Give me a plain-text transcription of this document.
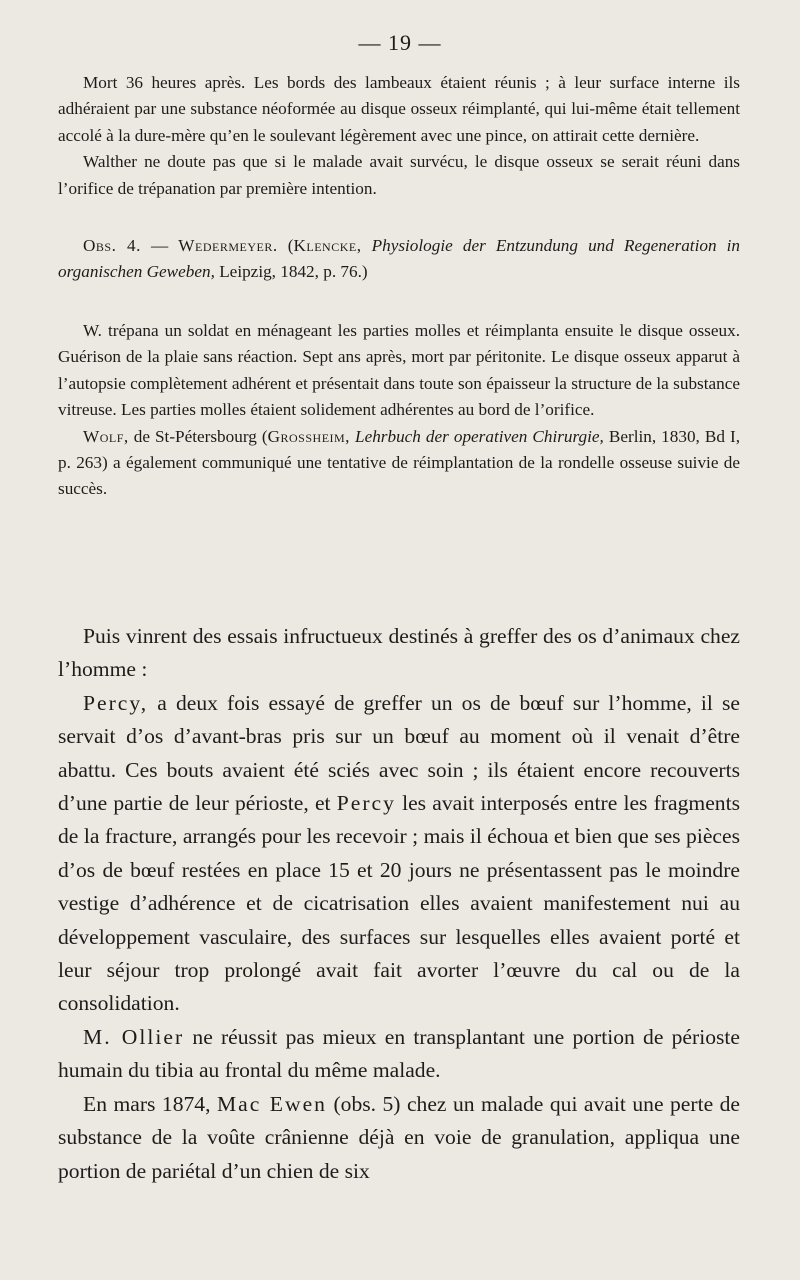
— 19 —

Mort 36 heures après. Les bords des lambeaux étaient réunis ; à leur surface interne ils adhéraient par une substance néoformée au disque osseux réimplanté, qui lui-même était tellement accolé à la dure-mère qu’en le soulevant légèrement avec une pince, on attirait cette dernière.

Walther ne doute pas que si le malade avait survécu, le disque osseux se serait réuni dans l’orifice de trépanation par première intention.

Obs. 4. — Wedermeyer. (Klencke, Physiologie der Entzundung und Regeneration in organischen Geweben, Leipzig, 1842, p. 76.)

W. trépana un soldat en ménageant les parties molles et réimplanta ensuite le disque osseux. Guérison de la plaie sans réaction. Sept ans après, mort par péritonite. Le disque osseux apparut à l’autopsie complètement adhérent et présentait dans toute son épaisseur la structure de la substance vitreuse. Les parties molles étaient solidement adhérentes au bord de l’orifice.

Wolf, de St-Pétersbourg (Grossheim, Lehrbuch der operativen Chirurgie, Berlin, 1830, Bd I, p. 263) a également communiqué une tentative de réimplantation de la rondelle osseuse suivie de succès.

Puis vinrent des essais infructueux destinés à greffer des os d’animaux chez l’homme :

Percy, a deux fois essayé de greffer un os de bœuf sur l’homme, il se servait d’os d’avant-bras pris sur un bœuf au moment où il venait d’être abattu. Ces bouts avaient été sciés avec soin ; ils étaient encore recouverts d’une partie de leur périoste, et Percy les avait interposés entre les fragments de la fracture, arrangés pour les recevoir ; mais il échoua et bien que ses pièces d’os de bœuf restées en place 15 et 20 jours ne présentassent pas le moindre vestige d’adhérence et de cicatrisation elles avaient manifestement nui au développement vasculaire, des surfaces sur lesquelles elles avaient porté et leur séjour trop prolongé avait fait avorter l’œuvre du cal ou de la consolidation.

M. Ollier ne réussit pas mieux en transplantant une portion de périoste humain du tibia au frontal du même malade.

En mars 1874, Mac Ewen (obs. 5) chez un malade qui avait une perte de substance de la voûte crânienne déjà en voie de granulation, appliqua une portion de pariétal d’un chien de six
